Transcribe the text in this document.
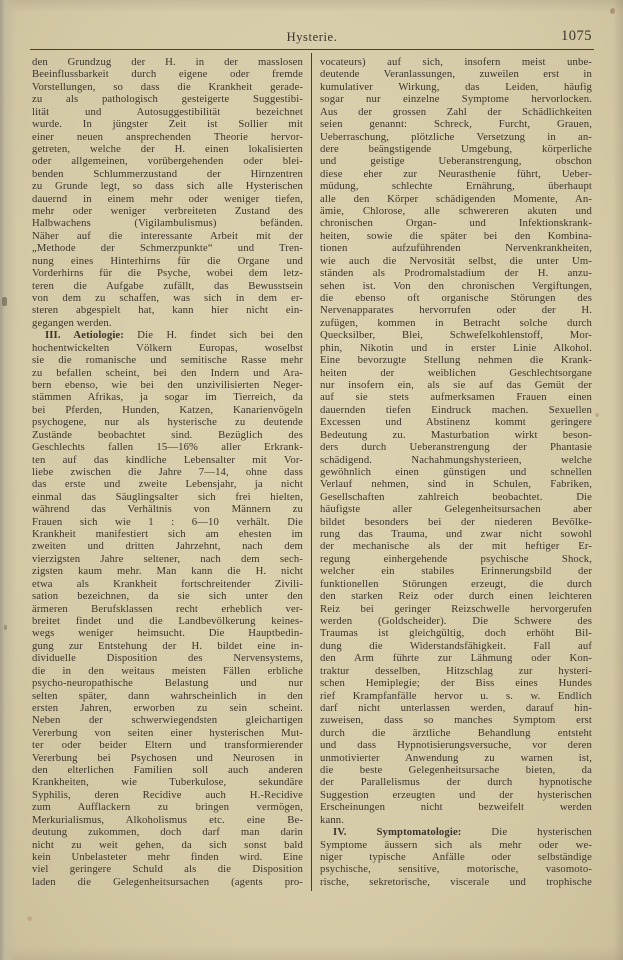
Hysterie.	1075
den Grundzug der H. in der masslosen
Beeinflussbarkeit durch eigene oder fremde
Vorstellungen, so dass die Krankheit gerade-
zu als pathologisch gesteigerte Suggestibi-
lität und Autosuggestibilität bezeichnet
wurde. In jüngster Zeit ist Sollier mit
einer neuen ansprechenden Theorie hervor-
getreten, welche der H. einen lokalisierten
oder allgemeinen, vorübergehenden oder blei-
benden Schlummerzustand der Hirnzentren
zu Grunde legt, so dass sich alle Hysterischen
dauernd in einem mehr oder weniger tiefen,
mehr oder weniger verbreiteten Zustand des
Halbwachens (Vigilambulismus) befänden.
Näher auf die interessante Arbeit mit der
„Methode der Schmerzpunkte“ und Tren-
nung eines Hinterhirns für die Organe und
Vorderhirns für die Psyche, wobei dem letz-
teren die Aufgabe zufällt, das Bewusstsein
von dem zu schaffen, was sich in dem er-
steren abgespielt hat, kann hier nicht ein-
gegangen werden.
III. Aetiologie: Die H. findet sich bei den
hochentwickelten Völkern Europas, woselbst
sie die romanische und semitische Rasse mehr
zu befallen scheint, bei den Indern und Ara-
bern ebenso, wie bei den unzivilisierten Neger-
stämmen Afrikas, ja sogar im Tierreich, da
bei Pferden, Hunden, Katzen, Kanarienvögeln
psychogene, nur als hysterische zu deutende
Zustände beobachtet sind. Bezüglich des
Geschlechts fallen 15—16% aller Erkrank-
ten auf das kindliche Lebensalter mit Vor-
liebe zwischen die Jahre 7—14, ohne dass
das erste und zweite Lebensjahr, ja nicht
einmal das Säuglingsalter sich frei hielten,
während das Verhältnis von Männern zu
Frauen sich wie 1 : 6—10 verhält. Die
Krankheit manifestiert sich am ehesten im
zweiten und dritten Jahrzehnt, nach dem
vierzigsten Jahre seltener, nach dem sech-
zigsten kaum mehr. Man kann die H. nicht
etwa als Krankheit fortschreitender Zivili-
sation bezeichnen, da sie sich unter den
ärmeren Berufsklassen recht erheblich ver-
breitet findet und die Landbevölkerung keines-
wegs weniger heimsucht. Die Hauptbedin-
gung zur Entstehung der H. bildet eine in-
dividuelle Disposition des Nervensystems,
die in den weitaus meisten Fällen erbliche
psycho-neuropathische Belastung und nur
selten später, dann wahrscheinlich in den
ersten Jahren, erworben zu sein scheint.
Neben der schwerwiegendsten gleichartigen
Vererbung von seiten einer hysterischen Mut-
ter oder beider Eltern und transformierender
Vererbung bei Psychosen und Neurosen in
den elterlichen Familien soll auch anderen
Krankheiten, wie Tuberkulose, sekundäre
Syphilis, deren Recidive auch H.-Recidive
zum Aufflackern zu bringen vermögen,
Merkurialismus, Alkoholismus etc. eine Be-
deutung zukommen, doch darf man darin
nicht zu weit gehen, da sich sonst bald
kein Unbelasteter mehr finden wird. Eine
viel geringere Schuld als die Disposition
laden die Gelegenheitsursachen (agents pro-
vocateurs) auf sich, insofern meist unbe-
deutende Veranlassungen, zuweilen erst in
kumulativer Wirkung, das Leiden, häufig
sogar nur einzelne Symptome hervorlocken.
Aus der grossen Zahl der Schädlichkeiten
seien genannt: Schreck, Furcht, Grauen,
Ueberraschung, plötzliche Versetzung in an-
dere beängstigende Umgebung, körperliche
und geistige Ueberanstrengung, obschon
diese eher zur Neurasthenie führt, Ueber-
müdung, schlechte Ernährung, überhaupt
alle den Körper schädigenden Momente, An-
ämie, Chlorose, alle schwereren akuten und
chronischen Organ- und Infektionskrank-
heiten, sowie die später bei den Kombina-
tionen aufzuführenden Nervenkrankheiten,
wie auch die Nervosität selbst, die unter Um-
ständen als Prodromalstadium der H. anzu-
sehen ist. Von den chronischen Vergiftungen,
die ebenso oft organische Störungen des
Nervenapparates hervorrufen oder der H.
zufügen, kommen in Betracht solche durch
Quecksilber, Blei, Schwefelkohlenstoff, Mor-
phin, Nikotin und in erster Linie Alkohol.
Eine bevorzugte Stellung nehmen die Krank-
heiten der weiblichen Geschlechtsorgane
nur insofern ein, als sie auf das Gemüt der
auf sie stets aufmerksamen Frauen einen
dauernden tiefen Eindruck machen. Sexuellen
Excessen und Abstinenz kommt geringere
Bedeutung zu. Masturbation wirkt beson-
ders durch Ueberanstrengung der Phantasie
schädigend. Nachahmungshysterieen, welche
gewöhnlich einen günstigen und schnellen
Verlauf nehmen, sind in Schulen, Fabriken,
Gesellschaften zahlreich beobachtet. Die
häufigste aller Gelegenheitsursachen aber
bildet besonders bei der niederen Bevölke-
rung das Trauma, und zwar nicht sowohl
der mechanische als der mit heftiger Er-
regung einhergehende psychische Shock,
welcher ein stabiles Erinnerungsbild der
funktionellen Störungen erzeugt, die durch
den starken Reiz oder durch einen leichteren
Reiz bei geringer Reizschwelle hervorgerufen
werden (Goldscheider). Die Schwere des
Traumas ist gleichgültig, doch erhöht Bil-
dung die Widerstandsfähigkeit. Fall auf
den Arm führte zur Lähmung oder Kon-
traktur desselben, Hitzschlag zur hysteri-
schen Hemiplegie; der Biss eines Hundes
rief Krampfanfälle hervor u. s. w. Endlich
darf nicht unterlassen werden, darauf hin-
zuweisen, dass so manches Symptom erst
durch die ärztliche Behandlung entsteht
und dass Hypnotisierungsversuche, vor deren
unmotivierter Anwendung zu warnen ist,
die beste Gelegenheitsursache bieten, da
der Parallelismus der durch hypnotische
Suggestion erzeugten und der hysterischen
Erscheinungen nicht bezweifelt werden
kann.
IV. Symptomatologie: Die hysterischen
Symptome äussern sich als mehr oder we-
niger typische Anfälle oder selbständige
psychische, sensitive, motorische, vasomoto-
rische, sekretorische, viscerale und trophische
